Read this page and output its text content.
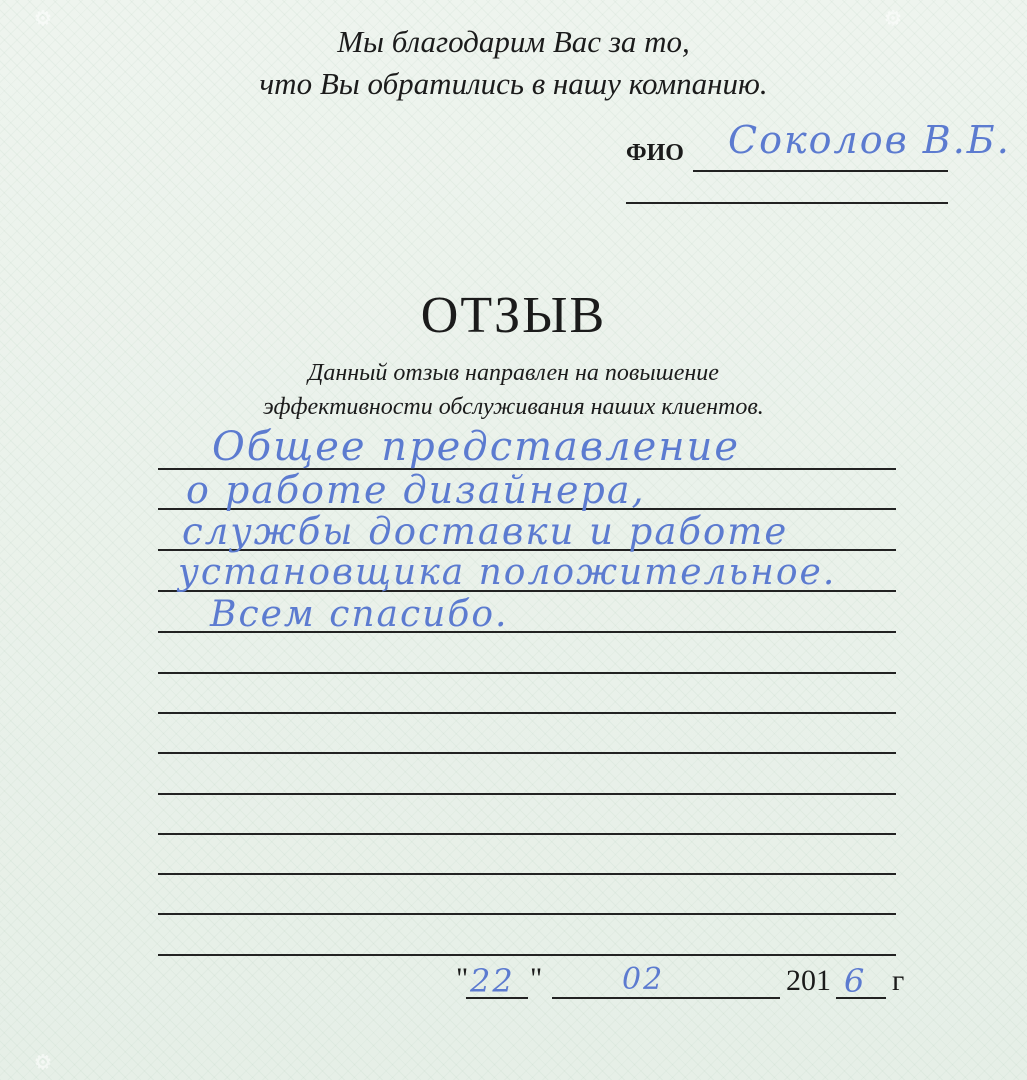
⚙	⚙
⚙
Мы благодарим Вас за то,
что Вы обратились в нашу компанию.
ФИО Соколов В.Б.
ОТЗЫВ
Данный отзыв направлен на повышение
эффективности обслуживания наших клиентов.
Общее представление
о работе дизайнера,
службы доставки и работе
установщика положительное.
Всем спасибо.
" 22 "	02	201 6 г
